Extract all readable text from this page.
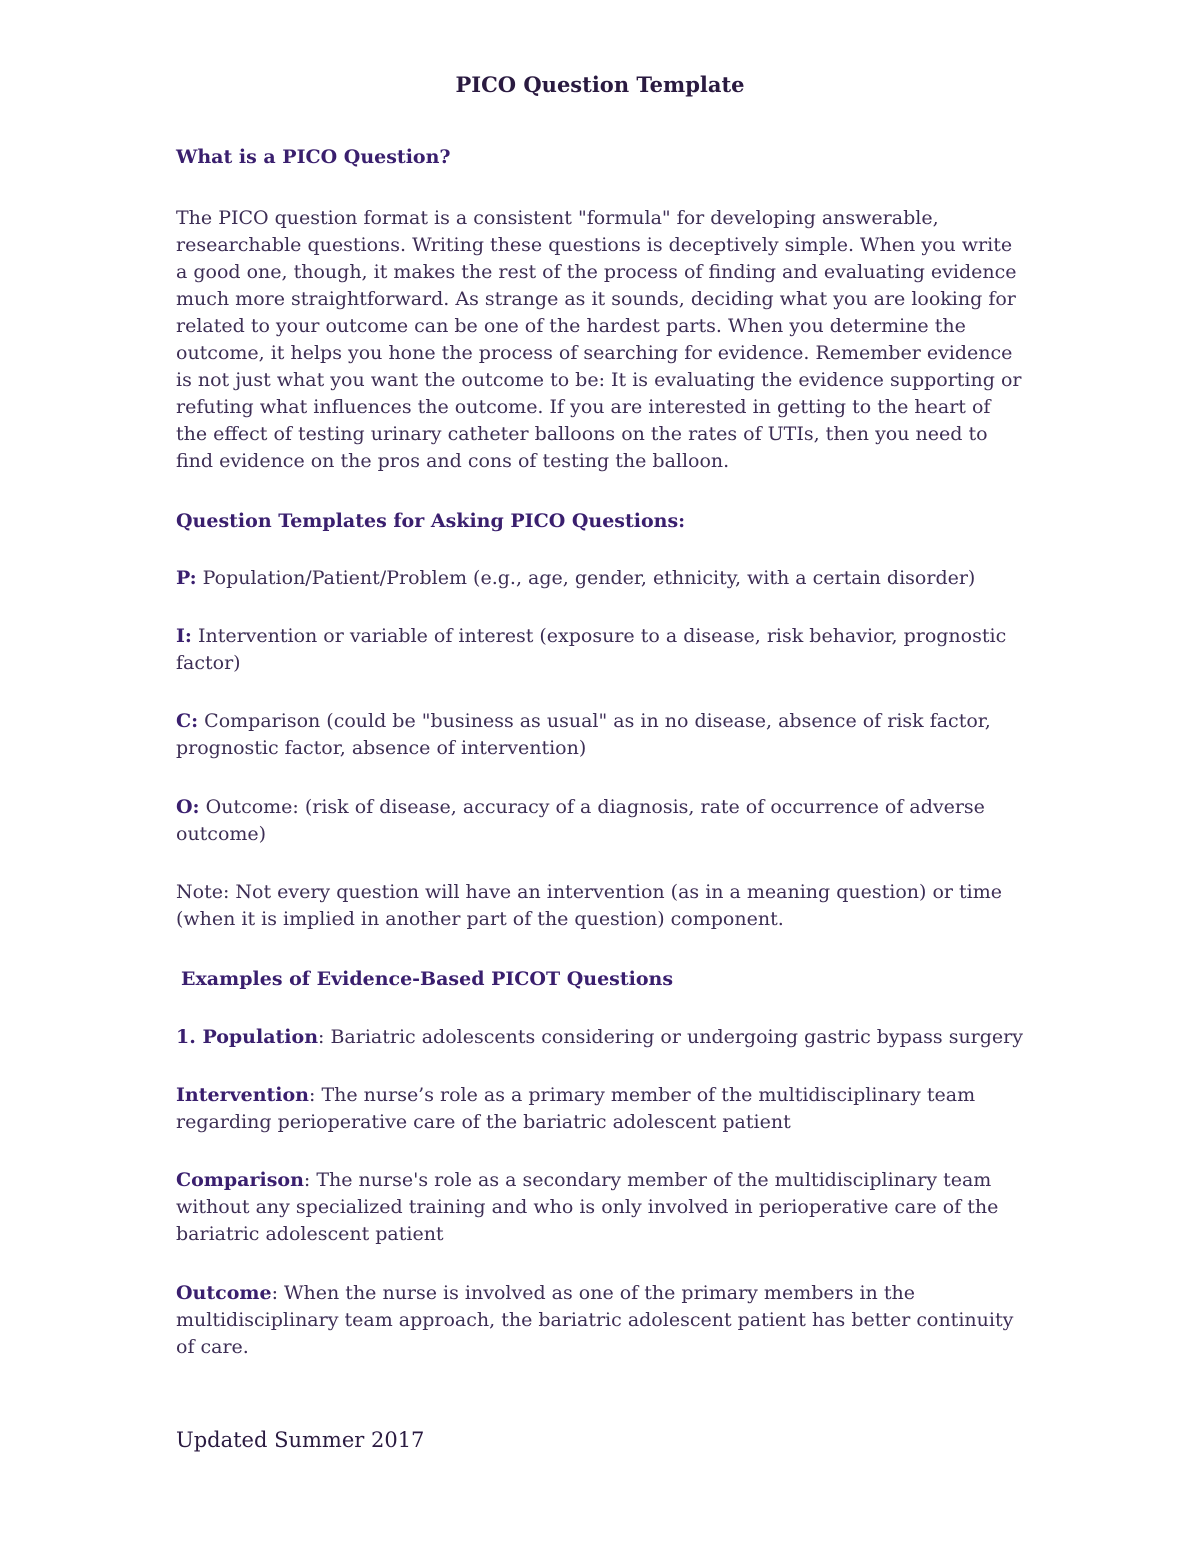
PICO Question Template
What is a PICO Question?
The PICO question format is a consistent "formula" for developing answerable, researchable questions. Writing these questions is deceptively simple. When you write a good one, though, it makes the rest of the process of finding and evaluating evidence much more straightforward. As strange as it sounds, deciding what you are looking for related to your outcome can be one of the hardest parts. When you determine the outcome, it helps you hone the process of searching for evidence. Remember evidence is not just what you want the outcome to be: It is evaluating the evidence supporting or refuting what influences the outcome. If you are interested in getting to the heart of the effect of testing urinary catheter balloons on the rates of UTIs, then you need to find evidence on the pros and cons of testing the balloon.
Question Templates for Asking PICO Questions:
P: Population/Patient/Problem (e.g., age, gender, ethnicity, with a certain disorder)
I: Intervention or variable of interest (exposure to a disease, risk behavior, prognostic factor)
C: Comparison (could be "business as usual" as in no disease, absence of risk factor, prognostic factor, absence of intervention)
O: Outcome: (risk of disease, accuracy of a diagnosis, rate of occurrence of adverse outcome)
Note: Not every question will have an intervention (as in a meaning question) or time (when it is implied in another part of the question) component.
Examples of Evidence-Based PICOT Questions
1. Population: Bariatric adolescents considering or undergoing gastric bypass surgery
Intervention: The nurse’s role as a primary member of the multidisciplinary team regarding perioperative care of the bariatric adolescent patient
Comparison: The nurse's role as a secondary member of the multidisciplinary team without any specialized training and who is only involved in perioperative care of the bariatric adolescent patient
Outcome: When the nurse is involved as one of the primary members in the multidisciplinary team approach, the bariatric adolescent patient has better continuity of care.
Updated Summer 2017
